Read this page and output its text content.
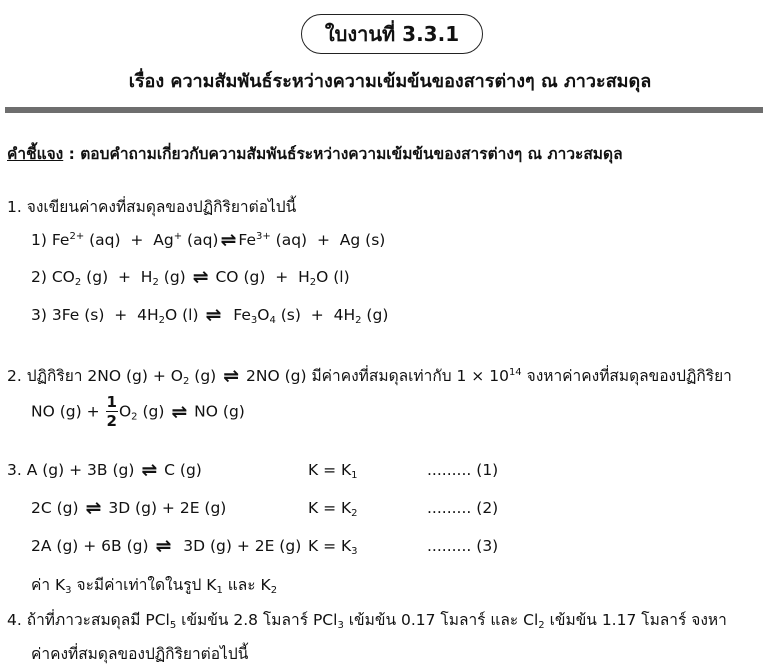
ใบงานที่ 3.3.1
เรื่อง ความสัมพันธ์ระหว่างความเข้มข้นของสารต่างๆ ณ ภาวะสมดุล
คำชี้แจง : ตอบคำถามเกี่ยวกับความสัมพันธ์ระหว่างความเข้มข้นของสารต่างๆ ณ ภาวะสมดุล
1. จงเขียนค่าคงที่สมดุลของปฏิกิริยาต่อไปนี้
1) $Fe^{2+}$ (aq)  +  Ag+ (aq) ⇌ $Fe^{3+}$ (aq)  +  Ag (s)
2) $CO_2$ $(g) + H_2$ (g) ⇌ CO $(g) + H_2O$ (l)
3) 3Fe $(s) + 4H_2O$ (l) ⇌  $Fe_3O_4$ $(s) + 4H_2$ (g)
2. ปฏิกิริยา 2NO $(g) + O_2$ (g) ⇌ 2NO (g) มีค่าคงที่สมดุลเท่ากับ $1 \times 10^{14}$ จงหาค่าคงที่สมดุลของปฏิกิริยา
NO $(g) + \frac{1}{2} O_2$ (g) ⇌ NO (g)
3. A (g) + 3B (g) ⇌ C (g)	$K = K_1$	......... (1)
2C (g) ⇌ 3D (g) + 2E (g)	$K = K_2$	......... (2)
2A (g) + 6B (g) ⇌  3D (g) + 2E (g) $K = K_3$	......... (3)
ค่า $K_3$ จะมีค่าเท่าใดในรูป $K_1$ และ $K_2$
4. ถ้าที่ภาวะสมดุลมี PCl$_5$ เข้มข้น 2.8 โมลาร์ PCl$_3$ เข้มข้น 0.17 โมลาร์ และ $Cl_2$ เข้มข้น 1.17 โมลาร์ จงหา
ค่าคงที่สมดุลของปฏิกิริยาต่อไปนี้
